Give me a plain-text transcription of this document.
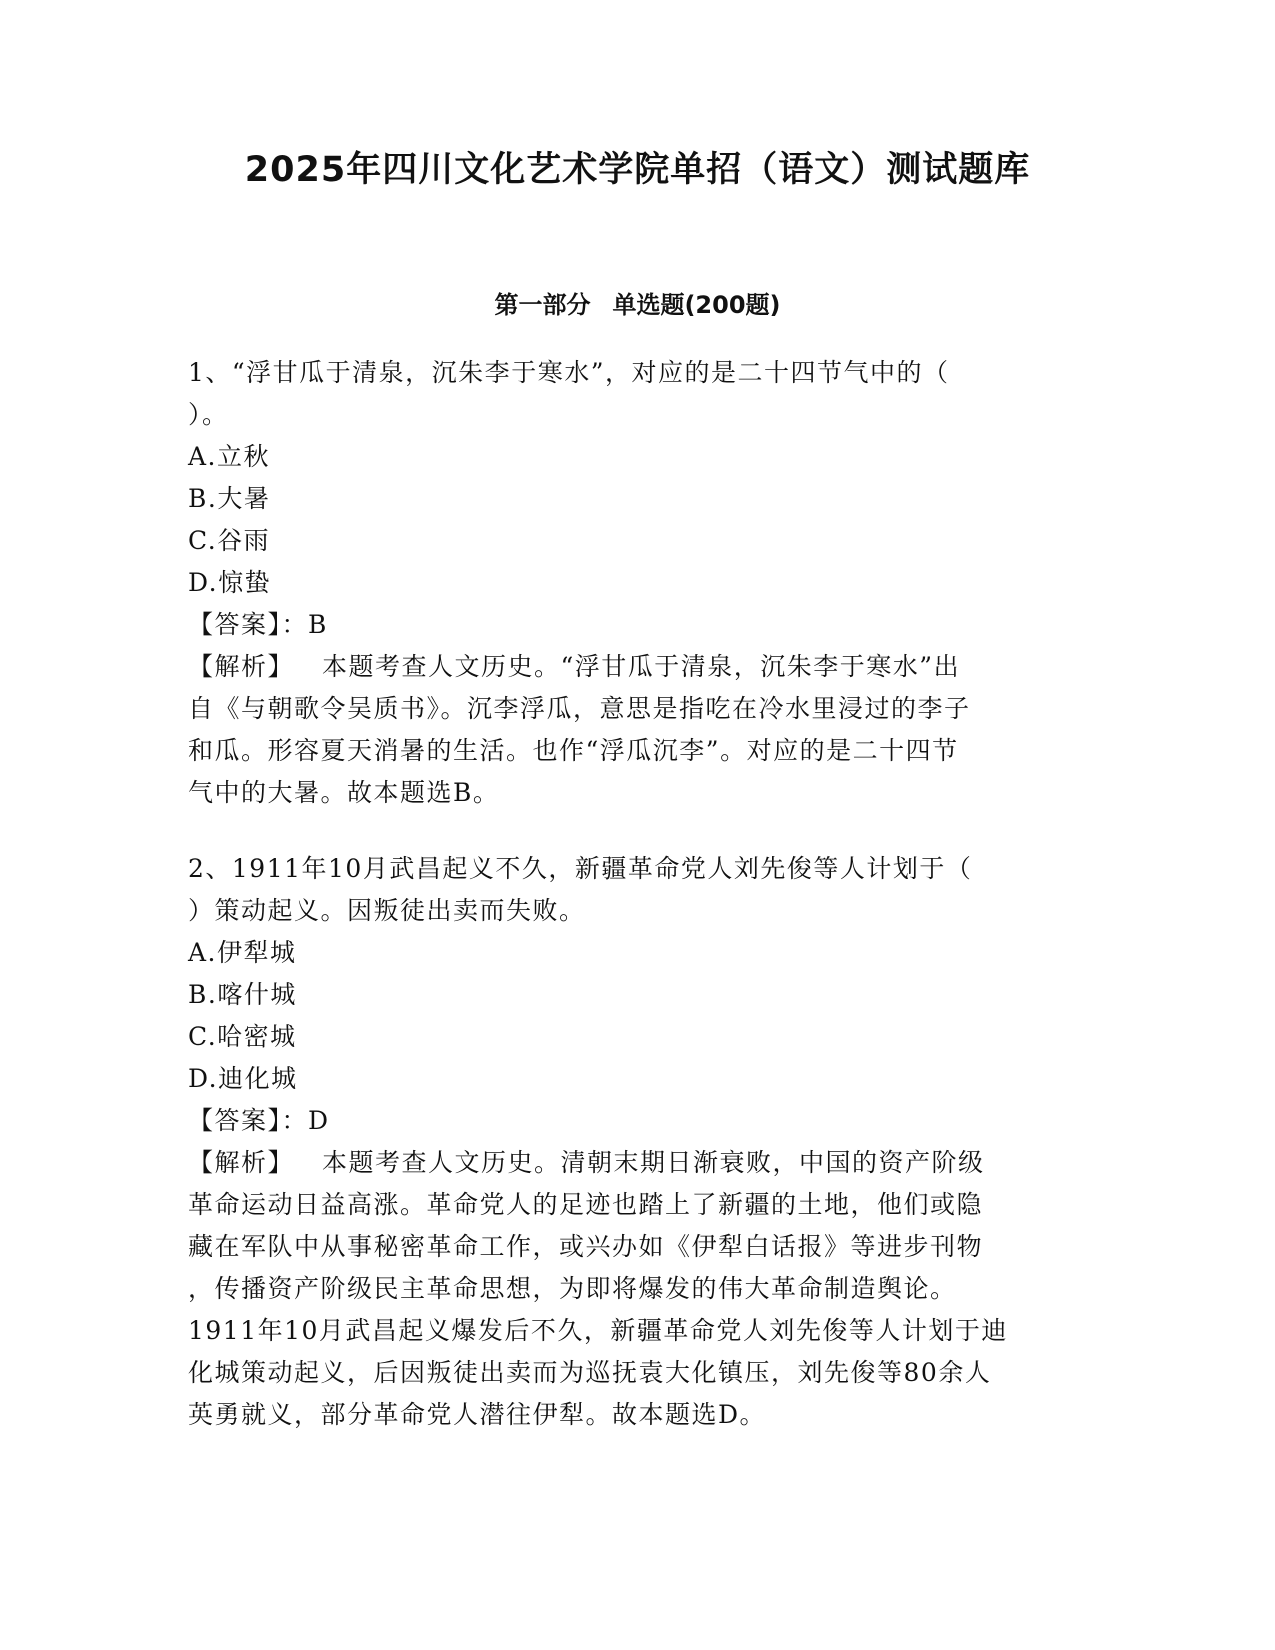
2025年四川文化艺术学院单招（语文）测试题库
第一部分 单选题(200题)
1、“浮甘瓜于清泉，沉朱李于寒水”，对应的是二十四节气中的（
）。
A.立秋
B.大暑
C.谷雨
D.惊蛰
【答案】：B
【解析】 本题考查人文历史。“浮甘瓜于清泉，沉朱李于寒水”出
自《与朝歌令吴质书》。沉李浮瓜，意思是指吃在冷水里浸过的李子
和瓜。形容夏天消暑的生活。也作“浮瓜沉李”。对应的是二十四节
气中的大暑。故本题选B。
2、1911年10月武昌起义不久，新疆革命党人刘先俊等人计划于（
）策动起义。因叛徒出卖而失败。
A.伊犁城
B.喀什城
C.哈密城
D.迪化城
【答案】：D
【解析】 本题考查人文历史。清朝末期日渐衰败，中国的资产阶级
革命运动日益高涨。革命党人的足迹也踏上了新疆的土地，他们或隐
藏在军队中从事秘密革命工作，或兴办如《伊犁白话报》等进步刊物
，传播资产阶级民主革命思想，为即将爆发的伟大革命制造舆论。
1911年10月武昌起义爆发后不久，新疆革命党人刘先俊等人计划于迪
化城策动起义，后因叛徒出卖而为巡抚袁大化镇压，刘先俊等80余人
英勇就义，部分革命党人潜往伊犁。故本题选D。
